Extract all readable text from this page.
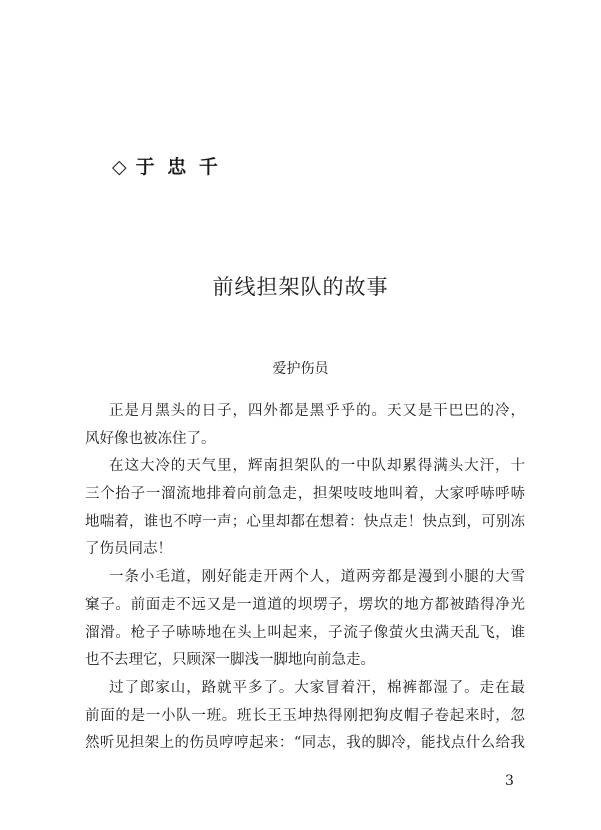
◇ 于 忠 千
前线担架队的故事
爱护伤员
正是月黑头的日子，四外都是黑乎乎的。天又是干巴巴的冷，
风好像也被冻住了。
在这大冷的天气里，辉南担架队的一中队却累得满头大汗，十
三个抬子一溜流地排着向前急走，担架吱吱地叫着，大家呼哧呼哧
地喘着，谁也不哼一声；心里却都在想着：快点走！快点到，可别冻
了伤员同志！
一条小毛道，刚好能走开两个人，道两旁都是漫到小腿的大雪
窠子。前面走不远又是一道道的坝塄子，塄坎的地方都被踏得净光
溜滑。枪子子哧哧地在头上叫起来，子流子像萤火虫满天乱飞，谁
也不去理它，只顾深一脚浅一脚地向前急走。
过了郎家山，路就平多了。大家冒着汗，棉裤都湿了。走在最
前面的是一小队一班。班长王玉坤热得刚把狗皮帽子卷起来时，忽
然听见担架上的伤员哼哼起来：“同志，我的脚冷，能找点什么给我
3
